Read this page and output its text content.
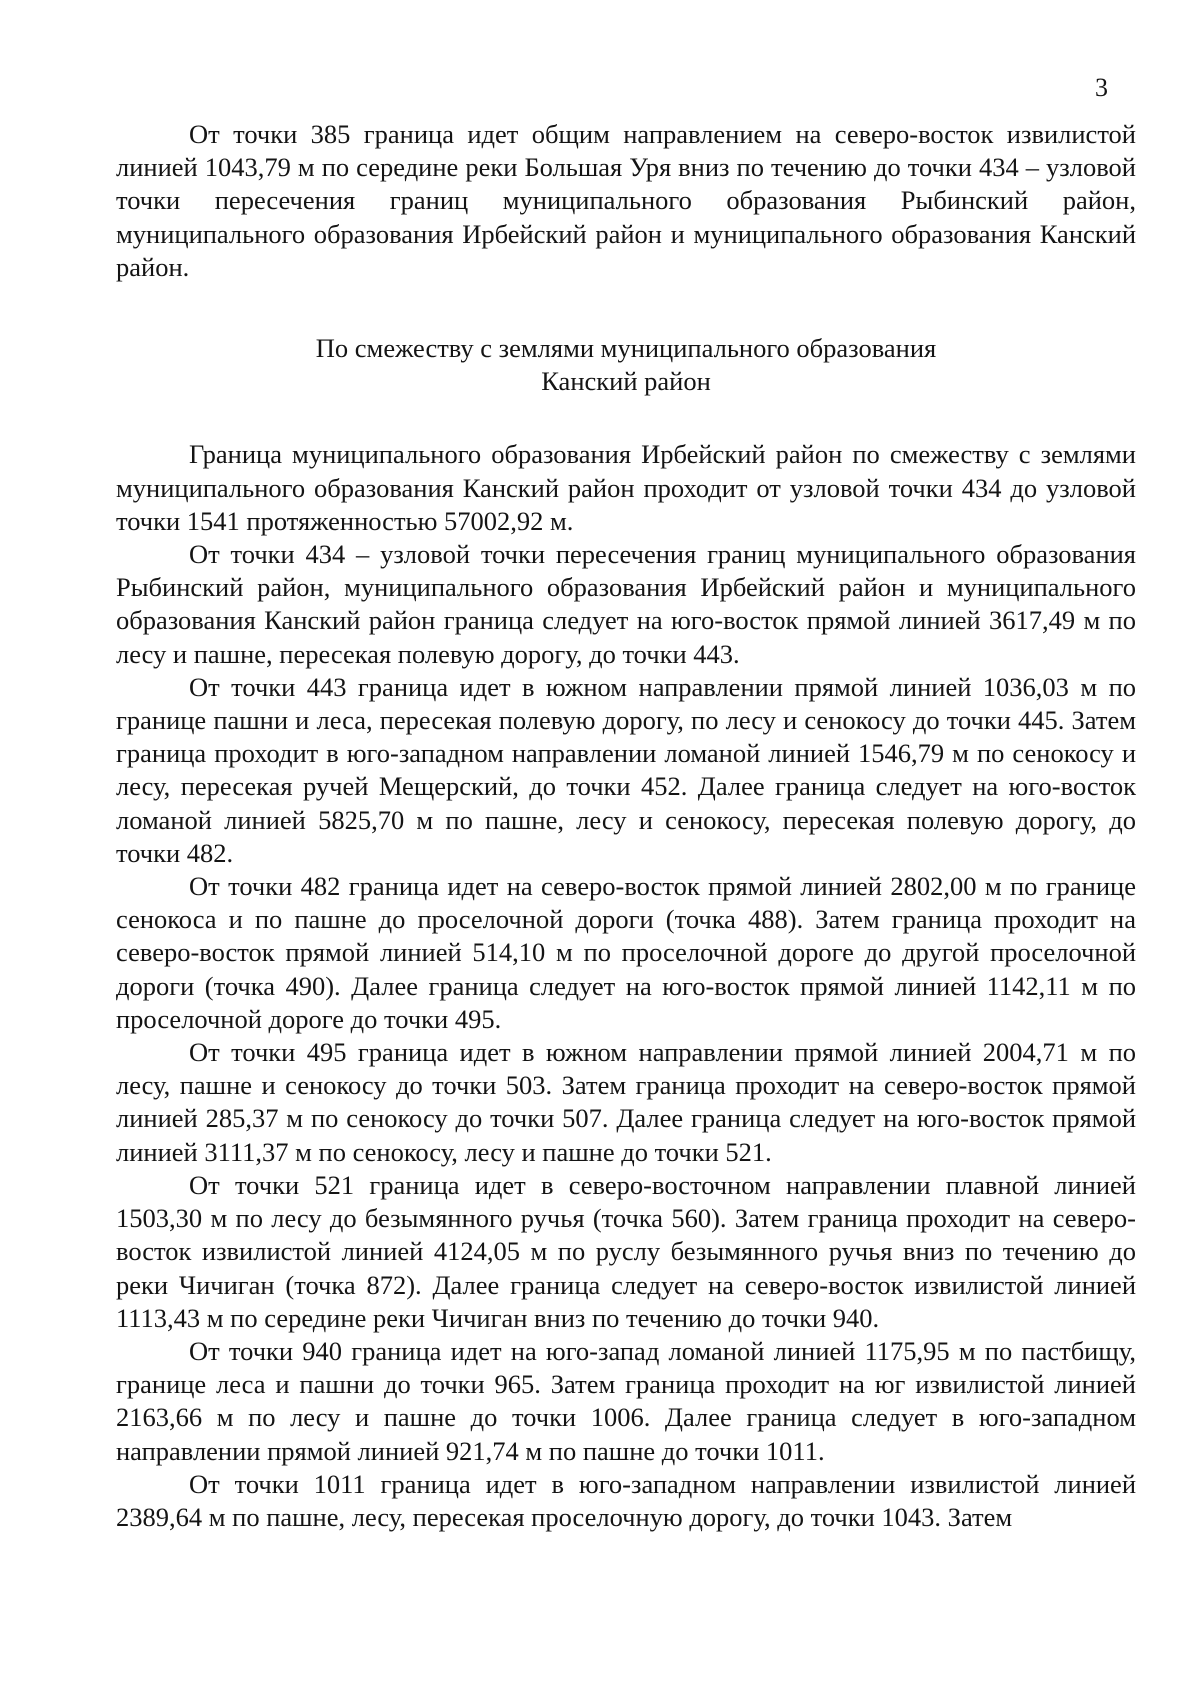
3

От точки 385 граница идет общим направлением на северо-восток извилистой линией 1043,79 м по середине реки Большая Уря вниз по течению до точки 434 – узловой точки пересечения границ муниципального образования Рыбинский район, муниципального образования Ирбейский район и муниципального образования Канский район.

По смежеству с землями муниципального образования
Канский район

Граница муниципального образования Ирбейский район по смежеству с землями муниципального образования Канский район проходит от узловой точки 434 до узловой точки 1541 протяженностью 57002,92 м.

От точки 434 – узловой точки пересечения границ муниципального образования Рыбинский район, муниципального образования Ирбейский район и муниципального образования Канский район граница следует на юго-восток прямой линией 3617,49 м по лесу и пашне, пересекая полевую дорогу, до точки 443.

От точки 443 граница идет в южном направлении прямой линией 1036,03 м по границе пашни и леса, пересекая полевую дорогу, по лесу и сенокосу до точки 445. Затем граница проходит в юго-западном направлении ломаной линией 1546,79 м по сенокосу и лесу, пересекая ручей Мещерский, до точки 452. Далее граница следует на юго-восток ломаной линией 5825,70 м по пашне, лесу и сенокосу, пересекая полевую дорогу, до точки 482.

От точки 482 граница идет на северо-восток прямой линией 2802,00 м по границе сенокоса и по пашне до проселочной дороги (точка 488). Затем граница проходит на северо-восток прямой линией 514,10 м по проселочной дороге до другой проселочной дороги (точка 490). Далее граница следует на юго-восток прямой линией 1142,11 м по проселочной дороге до точки 495.

От точки 495 граница идет в южном направлении прямой линией 2004,71 м по лесу, пашне и сенокосу до точки 503. Затем граница проходит на северо-восток прямой линией 285,37 м по сенокосу до точки 507. Далее граница следует на юго-восток прямой линией 3111,37 м по сенокосу, лесу и пашне до точки 521.

От точки 521 граница идет в северо-восточном направлении плавной линией 1503,30 м по лесу до безымянного ручья (точка 560). Затем граница проходит на северо-восток извилистой линией 4124,05 м по руслу безымянного ручья вниз по течению до реки Чичиган (точка 872). Далее граница следует на северо-восток извилистой линией 1113,43 м по середине реки Чичиган вниз по течению до точки 940.

От точки 940 граница идет на юго-запад ломаной линией 1175,95 м по пастбищу, границе леса и пашни до точки 965. Затем граница проходит на юг извилистой линией 2163,66 м по лесу и пашне до точки 1006. Далее граница следует в юго-западном направлении прямой линией 921,74 м по пашне до точки 1011.

От точки 1011 граница идет в юго-западном направлении извилистой линией 2389,64 м по пашне, лесу, пересекая проселочную дорогу, до точки 1043. Затем
